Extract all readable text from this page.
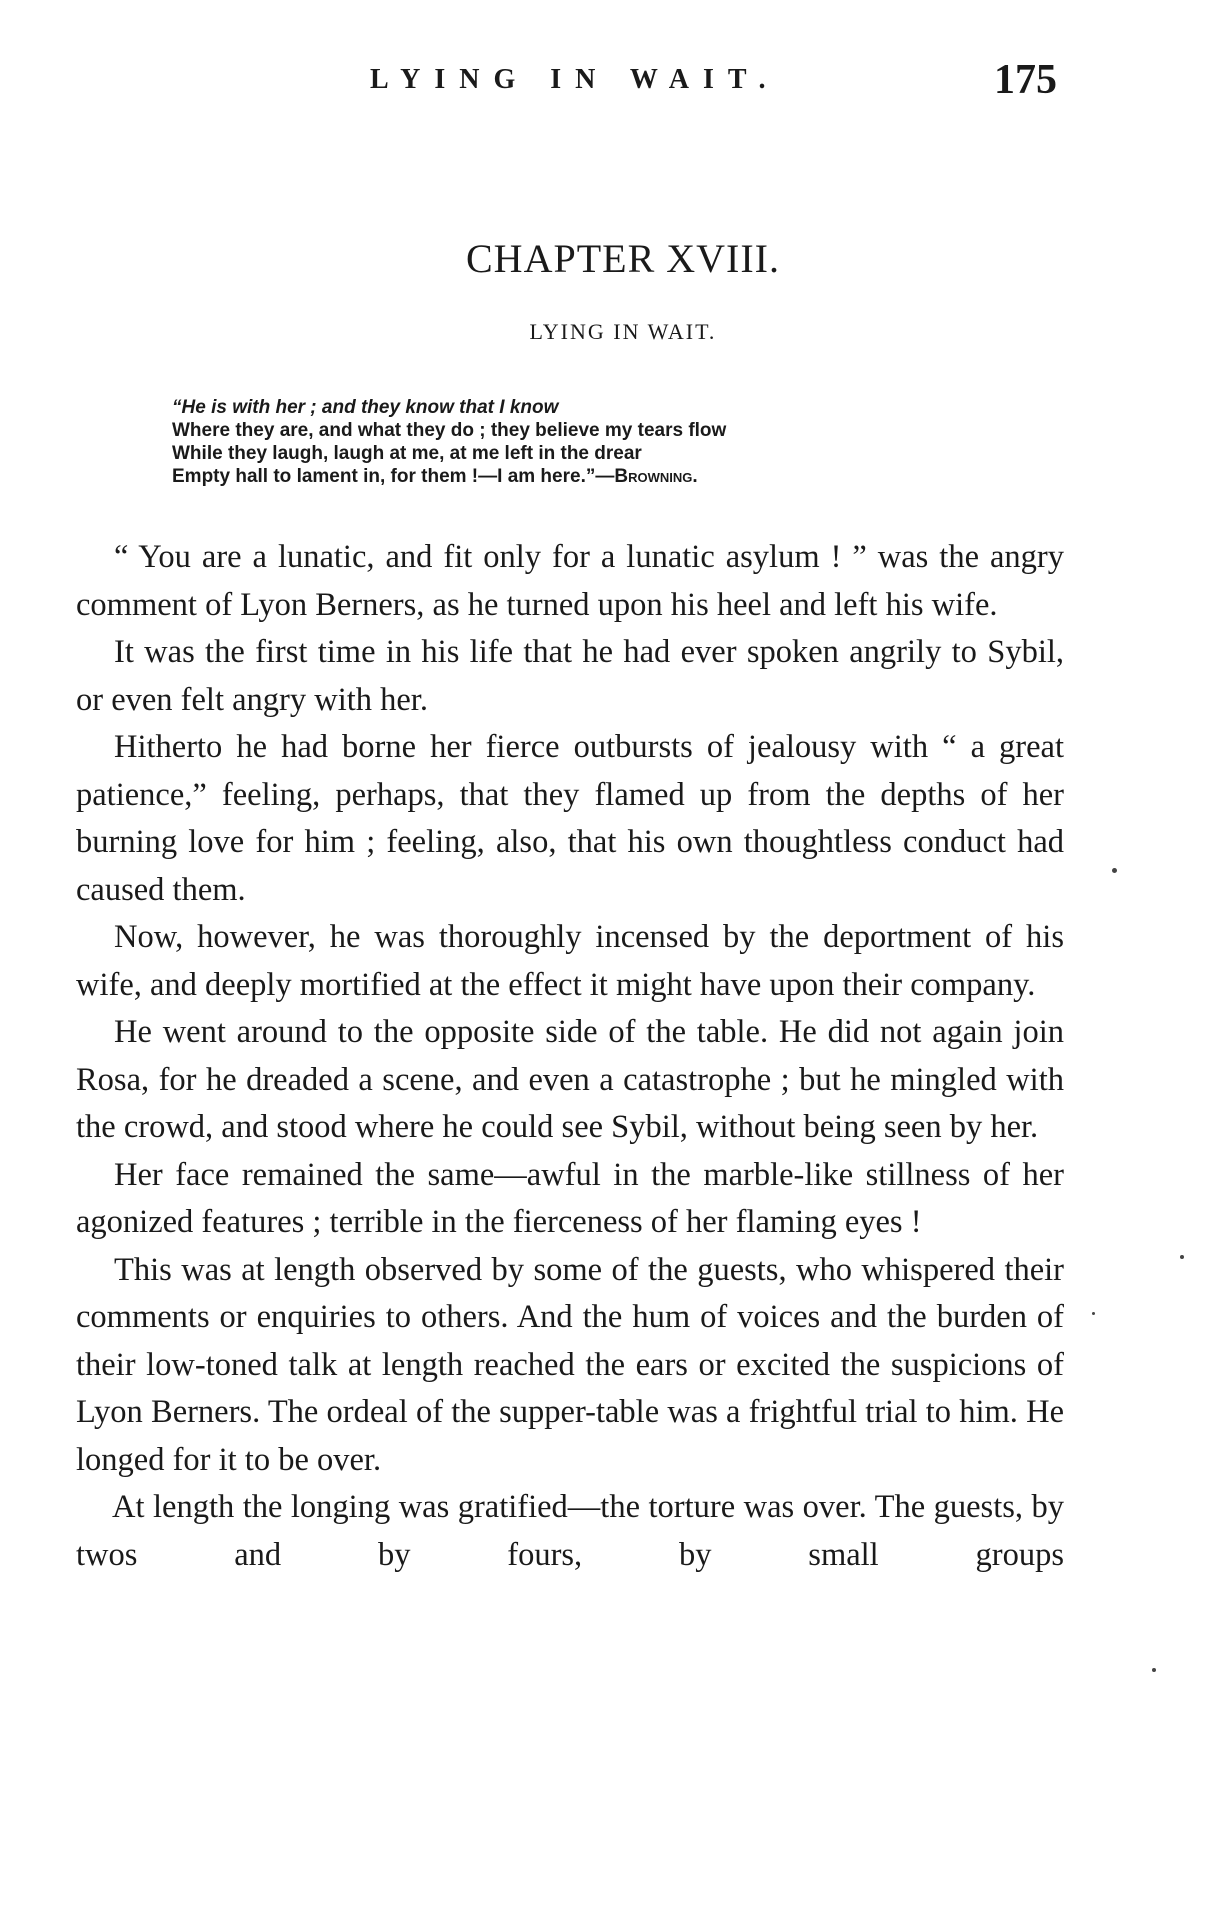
LYING IN WAIT.	175
CHAPTER XVIII.
LYING IN WAIT.
“He is with her ; and they know that I know
Where they are, and what they do ; they believe my tears flow
While they laugh, laugh at me, at me left in the drear
Empty hall to lament in, for them !—I am here.”—Browning.

“ You are a lunatic, and fit only for a lunatic asylum ! ” was the angry comment of Lyon Berners, as he turned upon his heel and left his wife.

It was the first time in his life that he had ever spoken angrily to Sybil, or even felt angry with her.

Hitherto he had borne her fierce outbursts of jealousy with “ a great patience,” feeling, perhaps, that they flamed up from the depths of her burning love for him ; feeling, also, that his own thoughtless conduct had caused them.

Now, however, he was thoroughly incensed by the deportment of his wife, and deeply mortified at the effect it might have upon their company.

He went around to the opposite side of the table. He did not again join Rosa, for he dreaded a scene, and even a catastrophe ; but he mingled with the crowd, and stood where he could see Sybil, without being seen by her.

Her face remained the same—awful in the marble-like stillness of her agonized features ; terrible in the fierceness of her flaming eyes !

This was at length observed by some of the guests, who whispered their comments or enquiries to others. And the hum of voices and the burden of their low-toned talk at length reached the ears or excited the suspicions of Lyon Berners. The ordeal of the supper-table was a frightful trial to him. He longed for it to be over.

At length the longing was gratified—the torture was over. The guests, by twos and by fours, by small groups
